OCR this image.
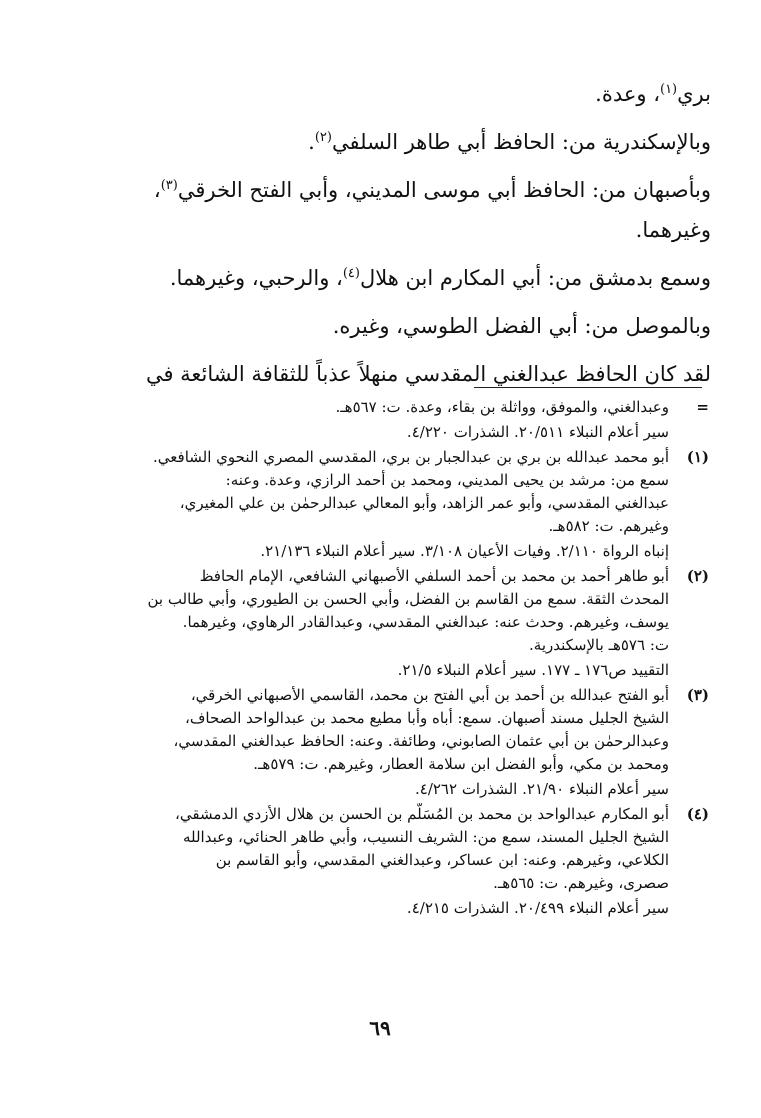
بري$^{(١)}$، وعدة.

وبالإسكندرية من: الحافظ أبي طاهر السلفي$^{(٢)}$.

وبأصبهان من: الحافظ أبي موسى المديني، وأبي الفتح الخرقي$^{(٣)}$،

وغيرهما.

وسمع بدمشق من: أبي المكارم ابن هلال$^{(٤)}$، والرحبي، وغيرهما.

وبالموصل من: أبي الفضل الطوسي، وغيره.

لقد كان الحافظ عبدالغني المقدسي منهلاً عذباً للثقافة الشائعة في

=
وعبدالغني، والموفق، وواثلة بن بقاء، وعدة. ت: ٥٦٧هـ.
سير أعلام النبلاء ٢٠/٥١١. الشذرات ٤/٢٢٠.
(١)
أبو محمد عبدالله بن بري بن عبدالجبار بن بري، المقدسي المصري النحوي الشافعي.
سمع من: مرشد بن يحيى المديني، ومحمد بن أحمد الرازي، وعدة. وعنه:
عبدالغني المقدسي، وأبو عمر الزاهد، وأبو المعالي عبدالرحمٰن بن علي المغيري،
وغيرهم. ت: ٥٨٢هـ.
إنباه الرواة ٢/١١٠. وفيات الأعيان ٣/١٠٨. سير أعلام النبلاء ٢١/١٣٦.
(٢)
أبو طاهر أحمد بن محمد بن أحمد السلفي الأصبهاني الشافعي، الإمام الحافظ
المحدث الثقة. سمع من القاسم بن الفضل، وأبي الحسن بن الطيوري، وأبي طالب بن
يوسف، وغيرهم. وحدث عنه: عبدالغني المقدسي، وعبدالقادر الرهاوي، وغيرهما.
ت: ٥٧٦هـ بالإسكندرية.
التقييد ص١٧٦ ـ ١٧٧. سير أعلام النبلاء ٢١/٥.
(٣)
أبو الفتح عبدالله بن أحمد بن أبي الفتح بن محمد، القاسمي الأصبهاني الخرقي،
الشيخ الجليل مسند أصبهان. سمع: أباه وأبا مطيع محمد بن عبدالواحد الصحاف،
وعبدالرحمٰن بن أبي عثمان الصابوني، وطائفة. وعنه: الحافظ عبدالغني المقدسي،
ومحمد بن مكي، وأبو الفضل ابن سلامة العطار، وغيرهم. ت: ٥٧٩هـ.
سير أعلام النبلاء ٢١/٩٠. الشذرات ٤/٢٦٢.
(٤)
أبو المكارم عبدالواحد بن محمد بن المُسَلَّم بن الحسن بن هلال الأزدي الدمشقي،
الشيخ الجليل المسند، سمع من: الشريف النسيب، وأبي طاهر الحنائي، وعبدالله
الكلاعي، وغيرهم. وعنه: ابن عساكر، وعبدالغني المقدسي، وأبو القاسم بن
صصرى، وغيرهم. ت: ٥٦٥هـ.
سير أعلام النبلاء ٢٠/٤٩٩. الشذرات ٤/٢١٥.
٦٩
